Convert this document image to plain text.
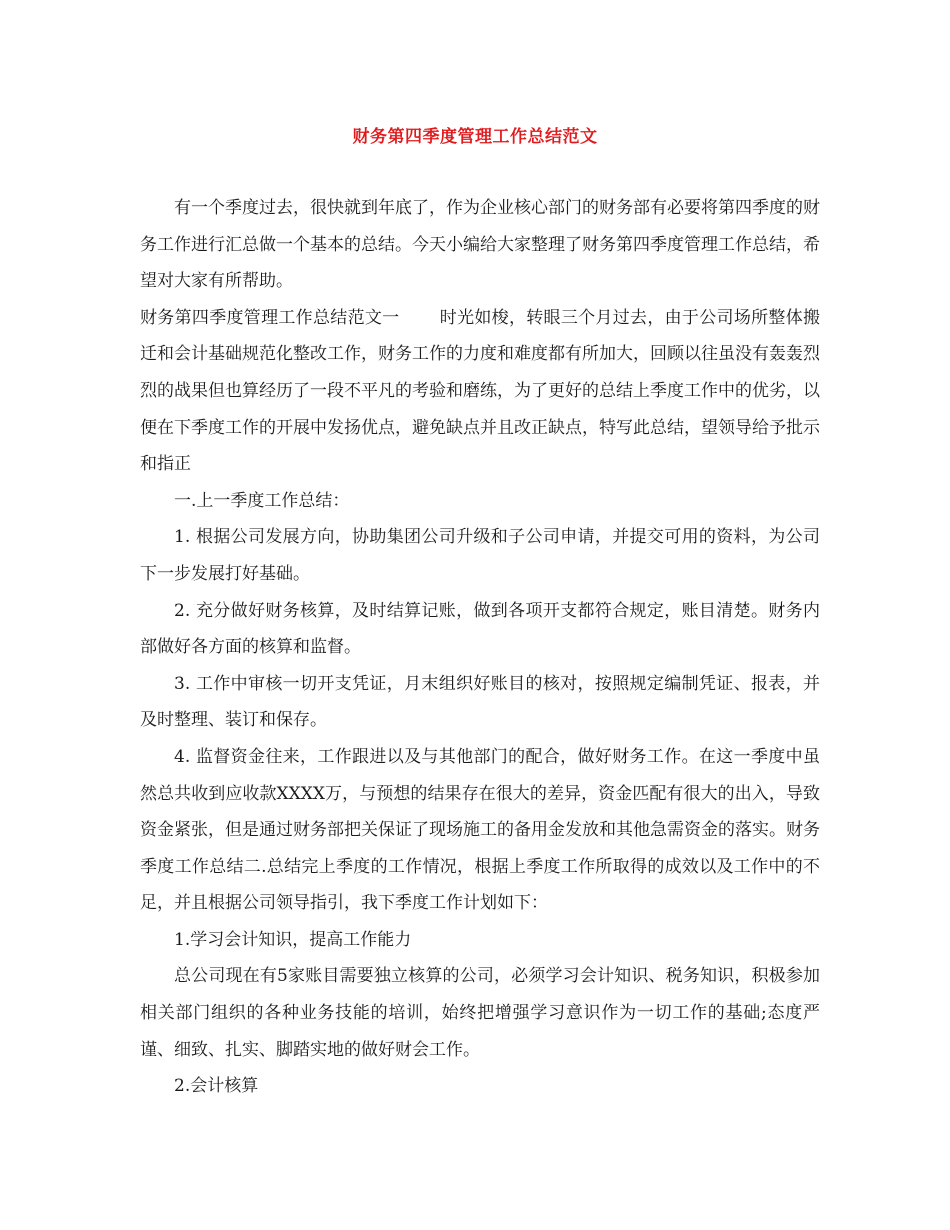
财务第四季度管理工作总结范文

有一个季度过去，很快就到年底了，作为企业核心部门的财务部有必要将第四季度的财务工作进行汇总做一个基本的总结。今天小编给大家整理了财务第四季度管理工作总结，希望对大家有所帮助。

财务第四季度管理工作总结范文一 时光如梭，转眼三个月过去，由于公司场所整体搬迁和会计基础规范化整改工作，财务工作的力度和难度都有所加大，回顾以往虽没有轰轰烈烈的战果但也算经历了一段不平凡的考验和磨练，为了更好的总结上季度工作中的优劣，以便在下季度工作的开展中发扬优点，避免缺点并且改正缺点，特写此总结，望领导给予批示和指正

一.上一季度工作总结：

1. 根据公司发展方向，协助集团公司升级和子公司申请，并提交可用的资料，为公司下一步发展打好基础。

2. 充分做好财务核算，及时结算记账，做到各项开支都符合规定，账目清楚。财务内部做好各方面的核算和监督。

3. 工作中审核一切开支凭证，月末组织好账目的核对，按照规定编制凭证、报表，并及时整理、装订和保存。

4. 监督资金往来，工作跟进以及与其他部门的配合，做好财务工作。在这一季度中虽然总共收到应收款XXXX万，与预想的结果存在很大的差异，资金匹配有很大的出入，导致资金紧张，但是通过财务部把关保证了现场施工的备用金发放和其他急需资金的落实。财务季度工作总结二.总结完上季度的工作情况，根据上季度工作所取得的成效以及工作中的不足，并且根据公司领导指引，我下季度工作计划如下：

1.学习会计知识，提高工作能力

总公司现在有5家账目需要独立核算的公司，必须学习会计知识、税务知识，积极参加相关部门组织的各种业务技能的培训，始终把增强学习意识作为一切工作的基础;态度严谨、细致、扎实、脚踏实地的做好财会工作。

2.会计核算
